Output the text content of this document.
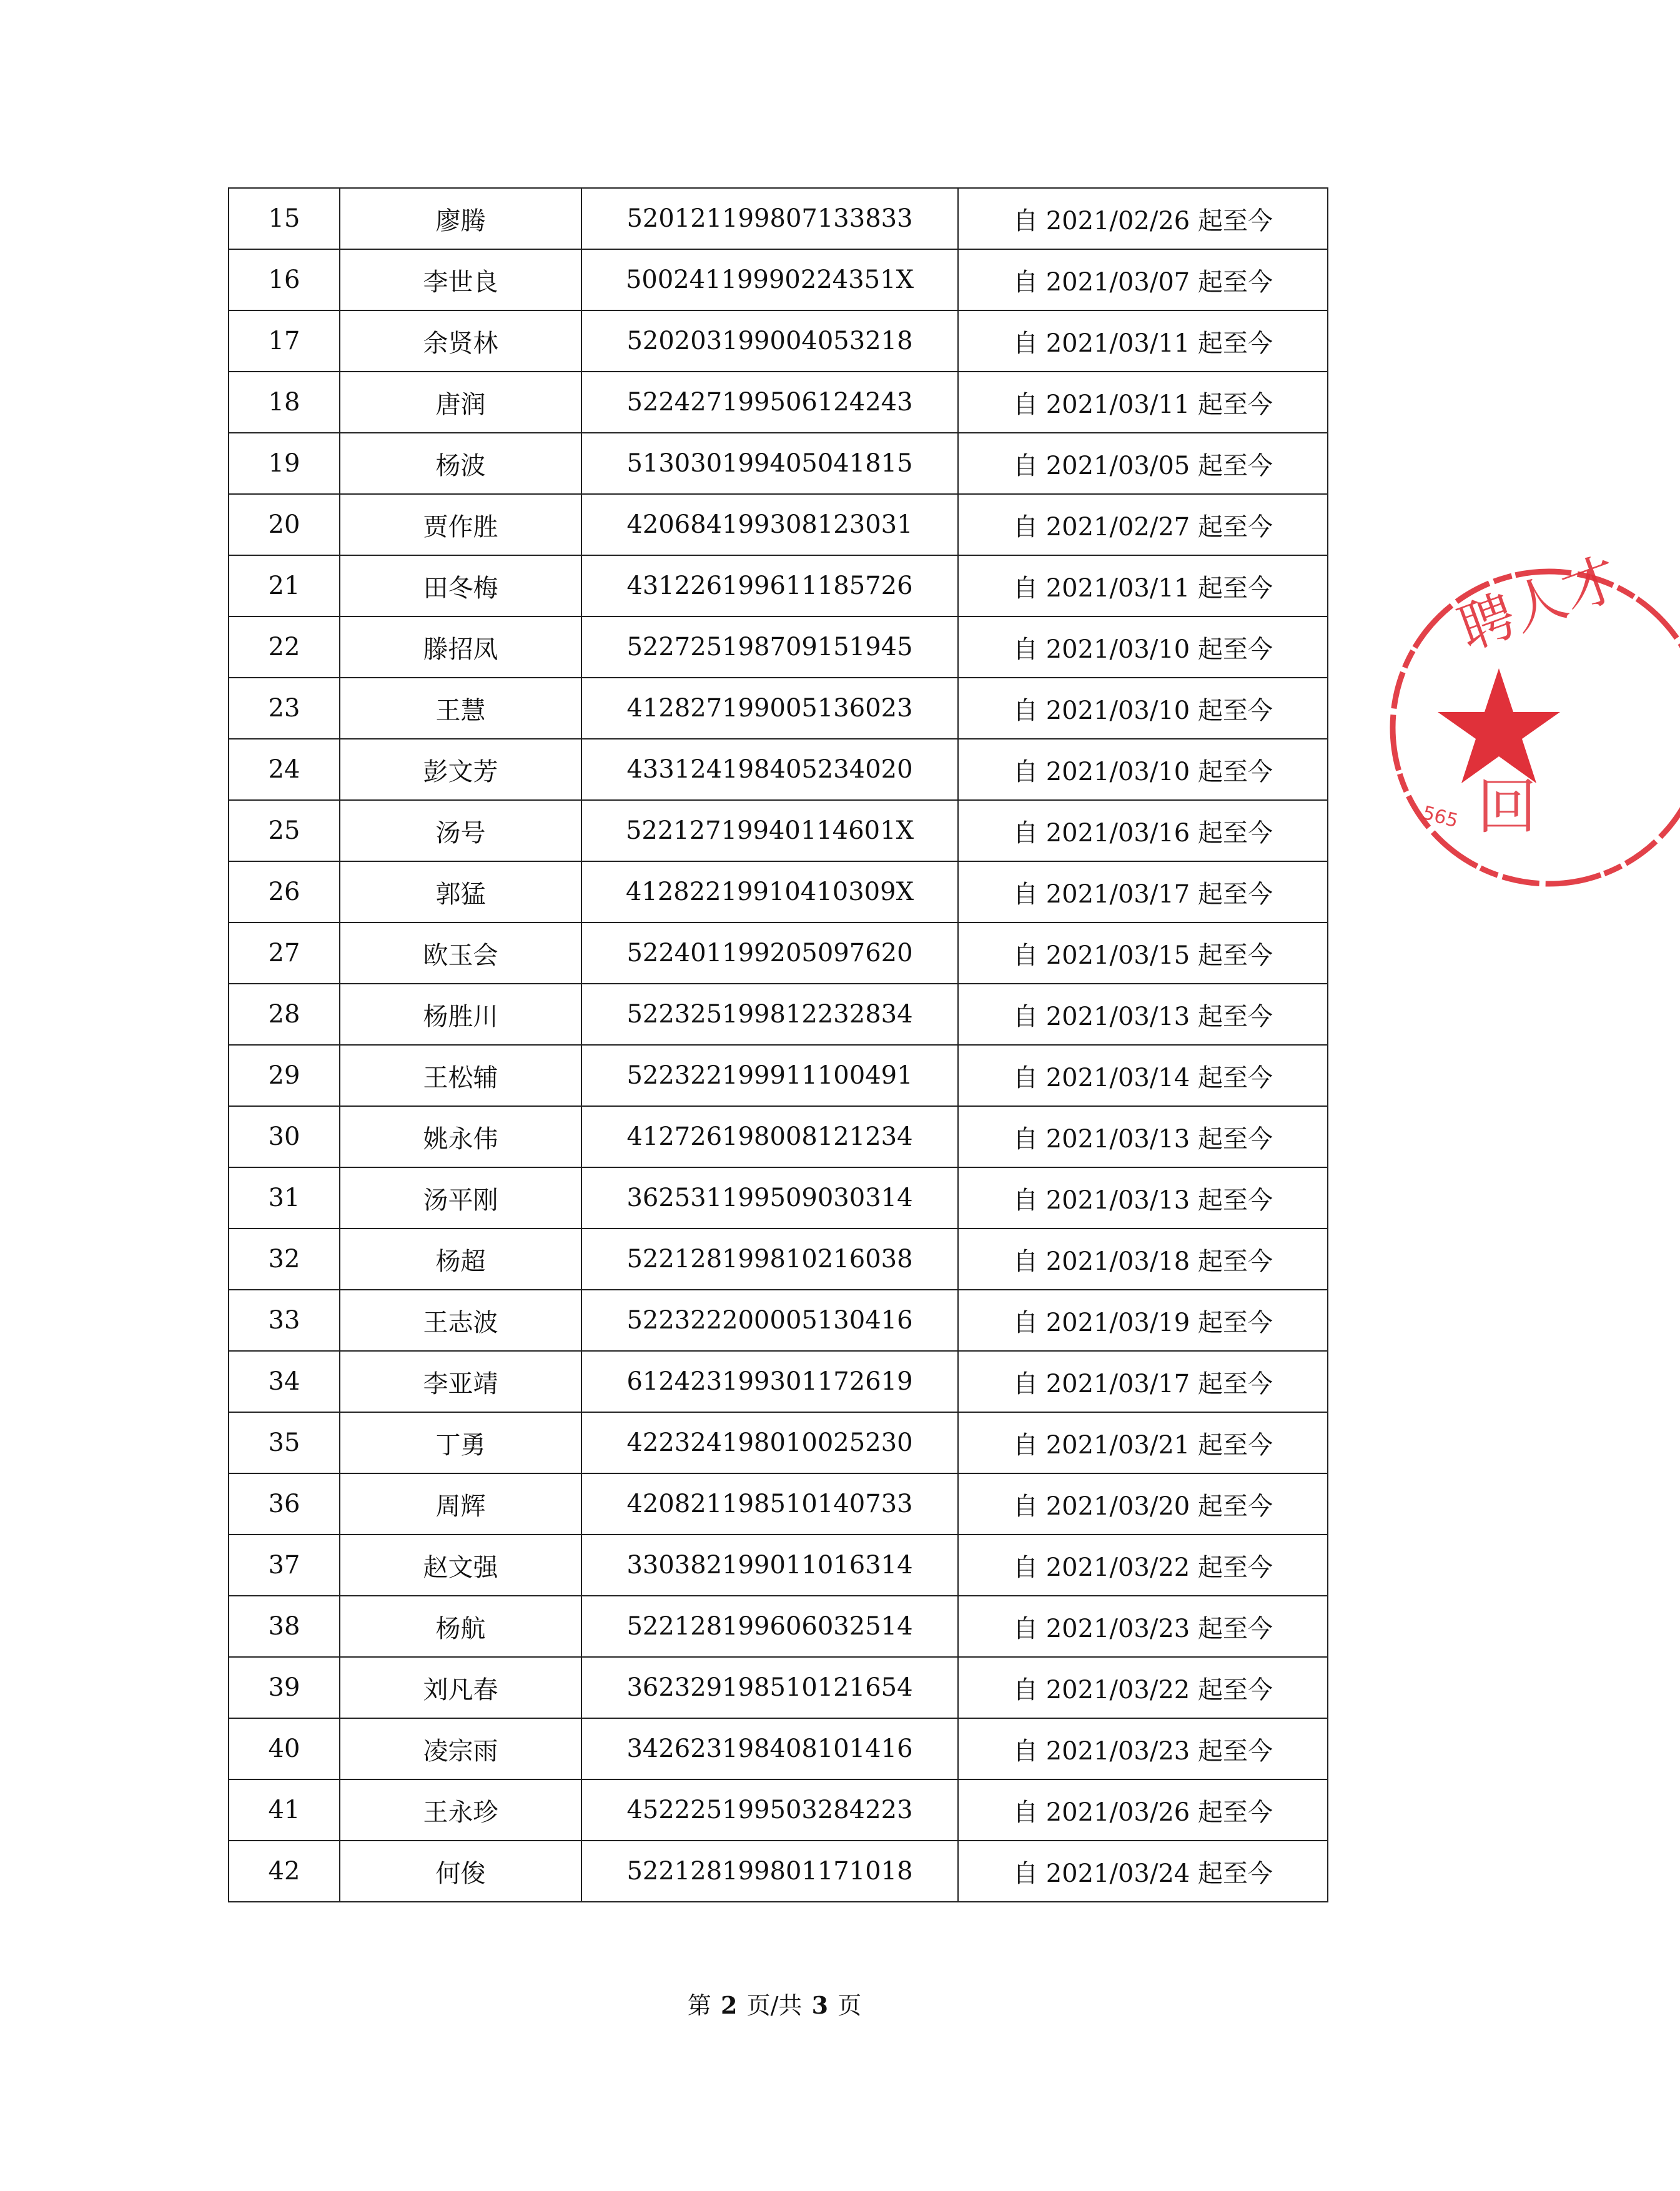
15	廖腾	520121199807133833	自 2021/02/26 起至今
16	李世良	50024119990224351X	自 2021/03/07 起至今
17	余贤林	520203199004053218	自 2021/03/11 起至今
18	唐润	522427199506124243	自 2021/03/11 起至今
19	杨波	513030199405041815	自 2021/03/05 起至今
20	贾作胜	420684199308123031	自 2021/02/27 起至今
21	田冬梅	431226199611185726	自 2021/03/11 起至今
22	滕招凤	522725198709151945	自 2021/03/10 起至今
23	王慧	412827199005136023	自 2021/03/10 起至今
24	彭文芳	433124198405234020	自 2021/03/10 起至今
25	汤号	52212719940114601X	自 2021/03/16 起至今
26	郭猛	41282219910410309X	自 2021/03/17 起至今
27	欧玉会	522401199205097620	自 2021/03/15 起至今
28	杨胜川	522325199812232834	自 2021/03/13 起至今
29	王松辅	522322199911100491	自 2021/03/14 起至今
30	姚永伟	412726198008121234	自 2021/03/13 起至今
31	汤平刚	362531199509030314	自 2021/03/13 起至今
32	杨超	522128199810216038	自 2021/03/18 起至今
33	王志波	522322200005130416	自 2021/03/19 起至今
34	李亚靖	612423199301172619	自 2021/03/17 起至今
35	丁勇	422324198010025230	自 2021/03/21 起至今
36	周辉	420821198510140733	自 2021/03/20 起至今
37	赵文强	330382199011016314	自 2021/03/22 起至今
38	杨航	522128199606032514	自 2021/03/23 起至今
39	刘凡春	362329198510121654	自 2021/03/22 起至今
40	凌宗雨	342623198408101416	自 2021/03/23 起至今
41	王永珍	452225199503284223	自 2021/03/26 起至今
42	何俊	522128199801171018	自 2021/03/24 起至今
第 2 页/共 3 页
聘人才
565 回
